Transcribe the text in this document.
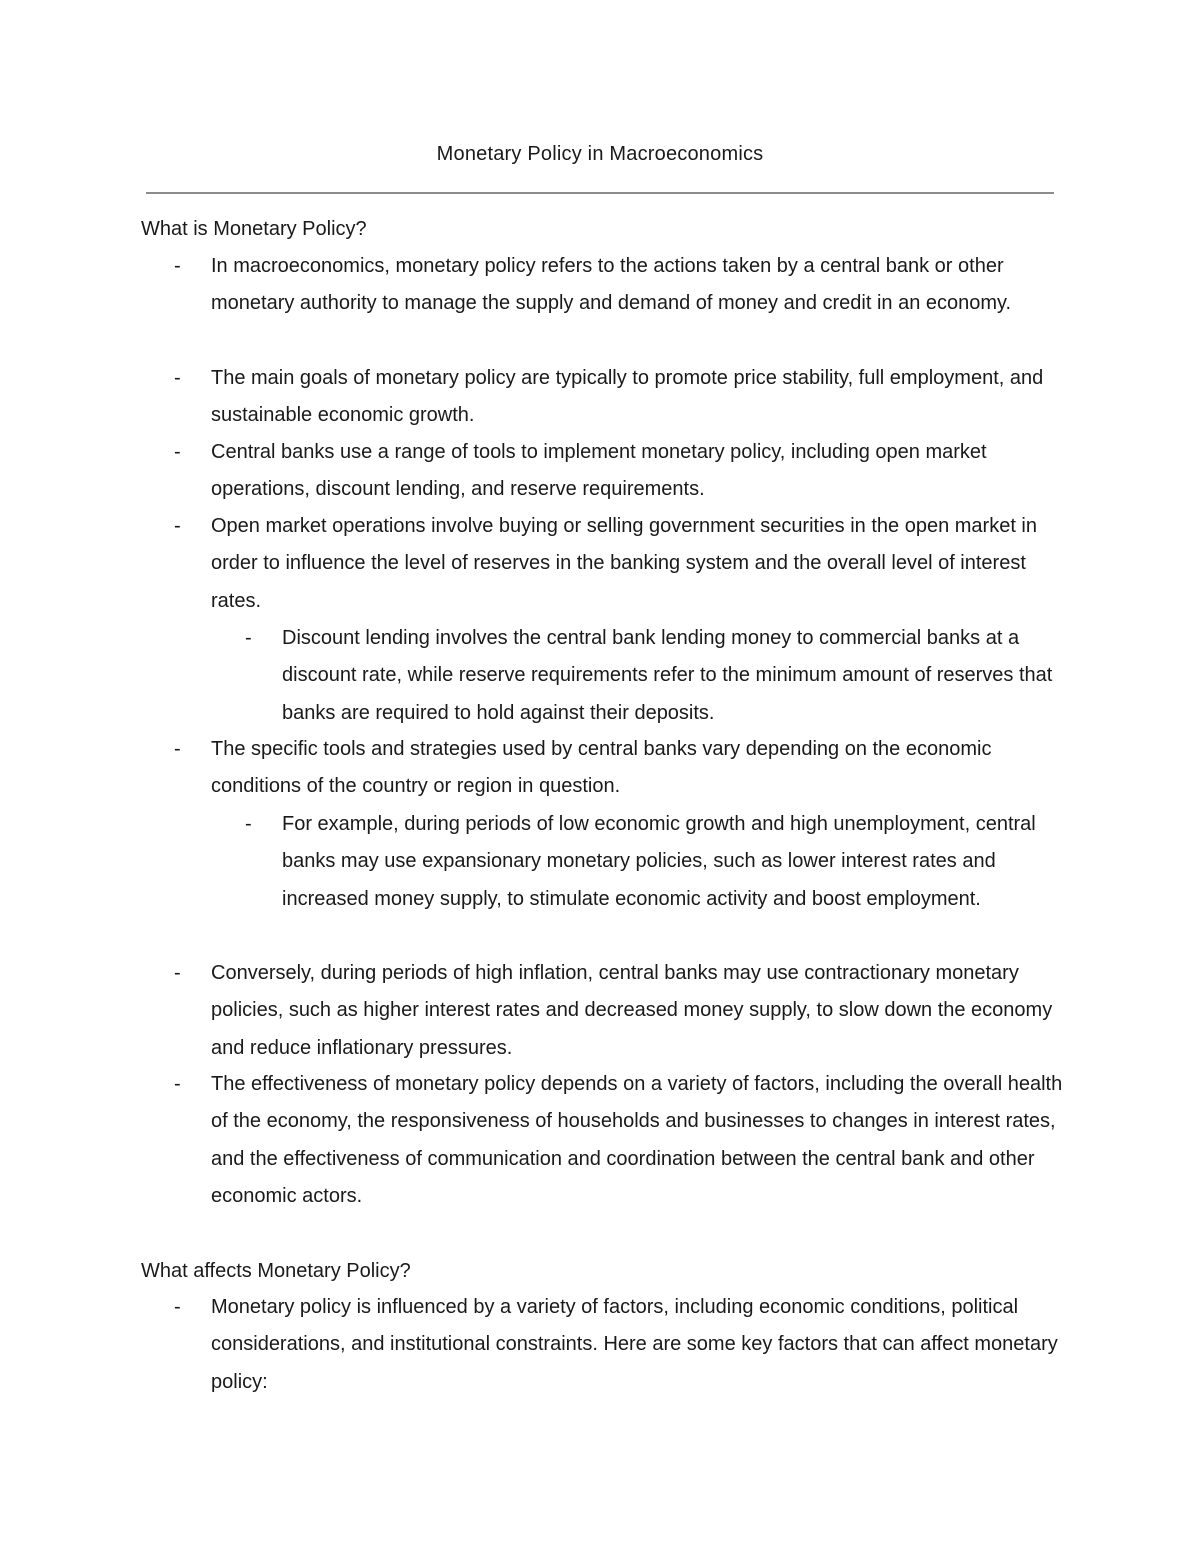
Monetary Policy in Macroeconomics
What is Monetary Policy?
- In macroeconomics, monetary policy refers to the actions taken by a central bank or other monetary authority to manage the supply and demand of money and credit in an economy.
- The main goals of monetary policy are typically to promote price stability, full employment, and sustainable economic growth.
- Central banks use a range of tools to implement monetary policy, including open market operations, discount lending, and reserve requirements.
- Open market operations involve buying or selling government securities in the open market in order to influence the level of reserves in the banking system and the overall level of interest rates.
- Discount lending involves the central bank lending money to commercial banks at a discount rate, while reserve requirements refer to the minimum amount of reserves that banks are required to hold against their deposits.
- The specific tools and strategies used by central banks vary depending on the economic conditions of the country or region in question.
- For example, during periods of low economic growth and high unemployment, central banks may use expansionary monetary policies, such as lower interest rates and increased money supply, to stimulate economic activity and boost employment.
- Conversely, during periods of high inflation, central banks may use contractionary monetary policies, such as higher interest rates and decreased money supply, to slow down the economy and reduce inflationary pressures.
- The effectiveness of monetary policy depends on a variety of factors, including the overall health of the economy, the responsiveness of households and businesses to changes in interest rates, and the effectiveness of communication and coordination between the central bank and other economic actors.
What affects Monetary Policy?
- Monetary policy is influenced by a variety of factors, including economic conditions, political considerations, and institutional constraints. Here are some key factors that can affect monetary policy:
